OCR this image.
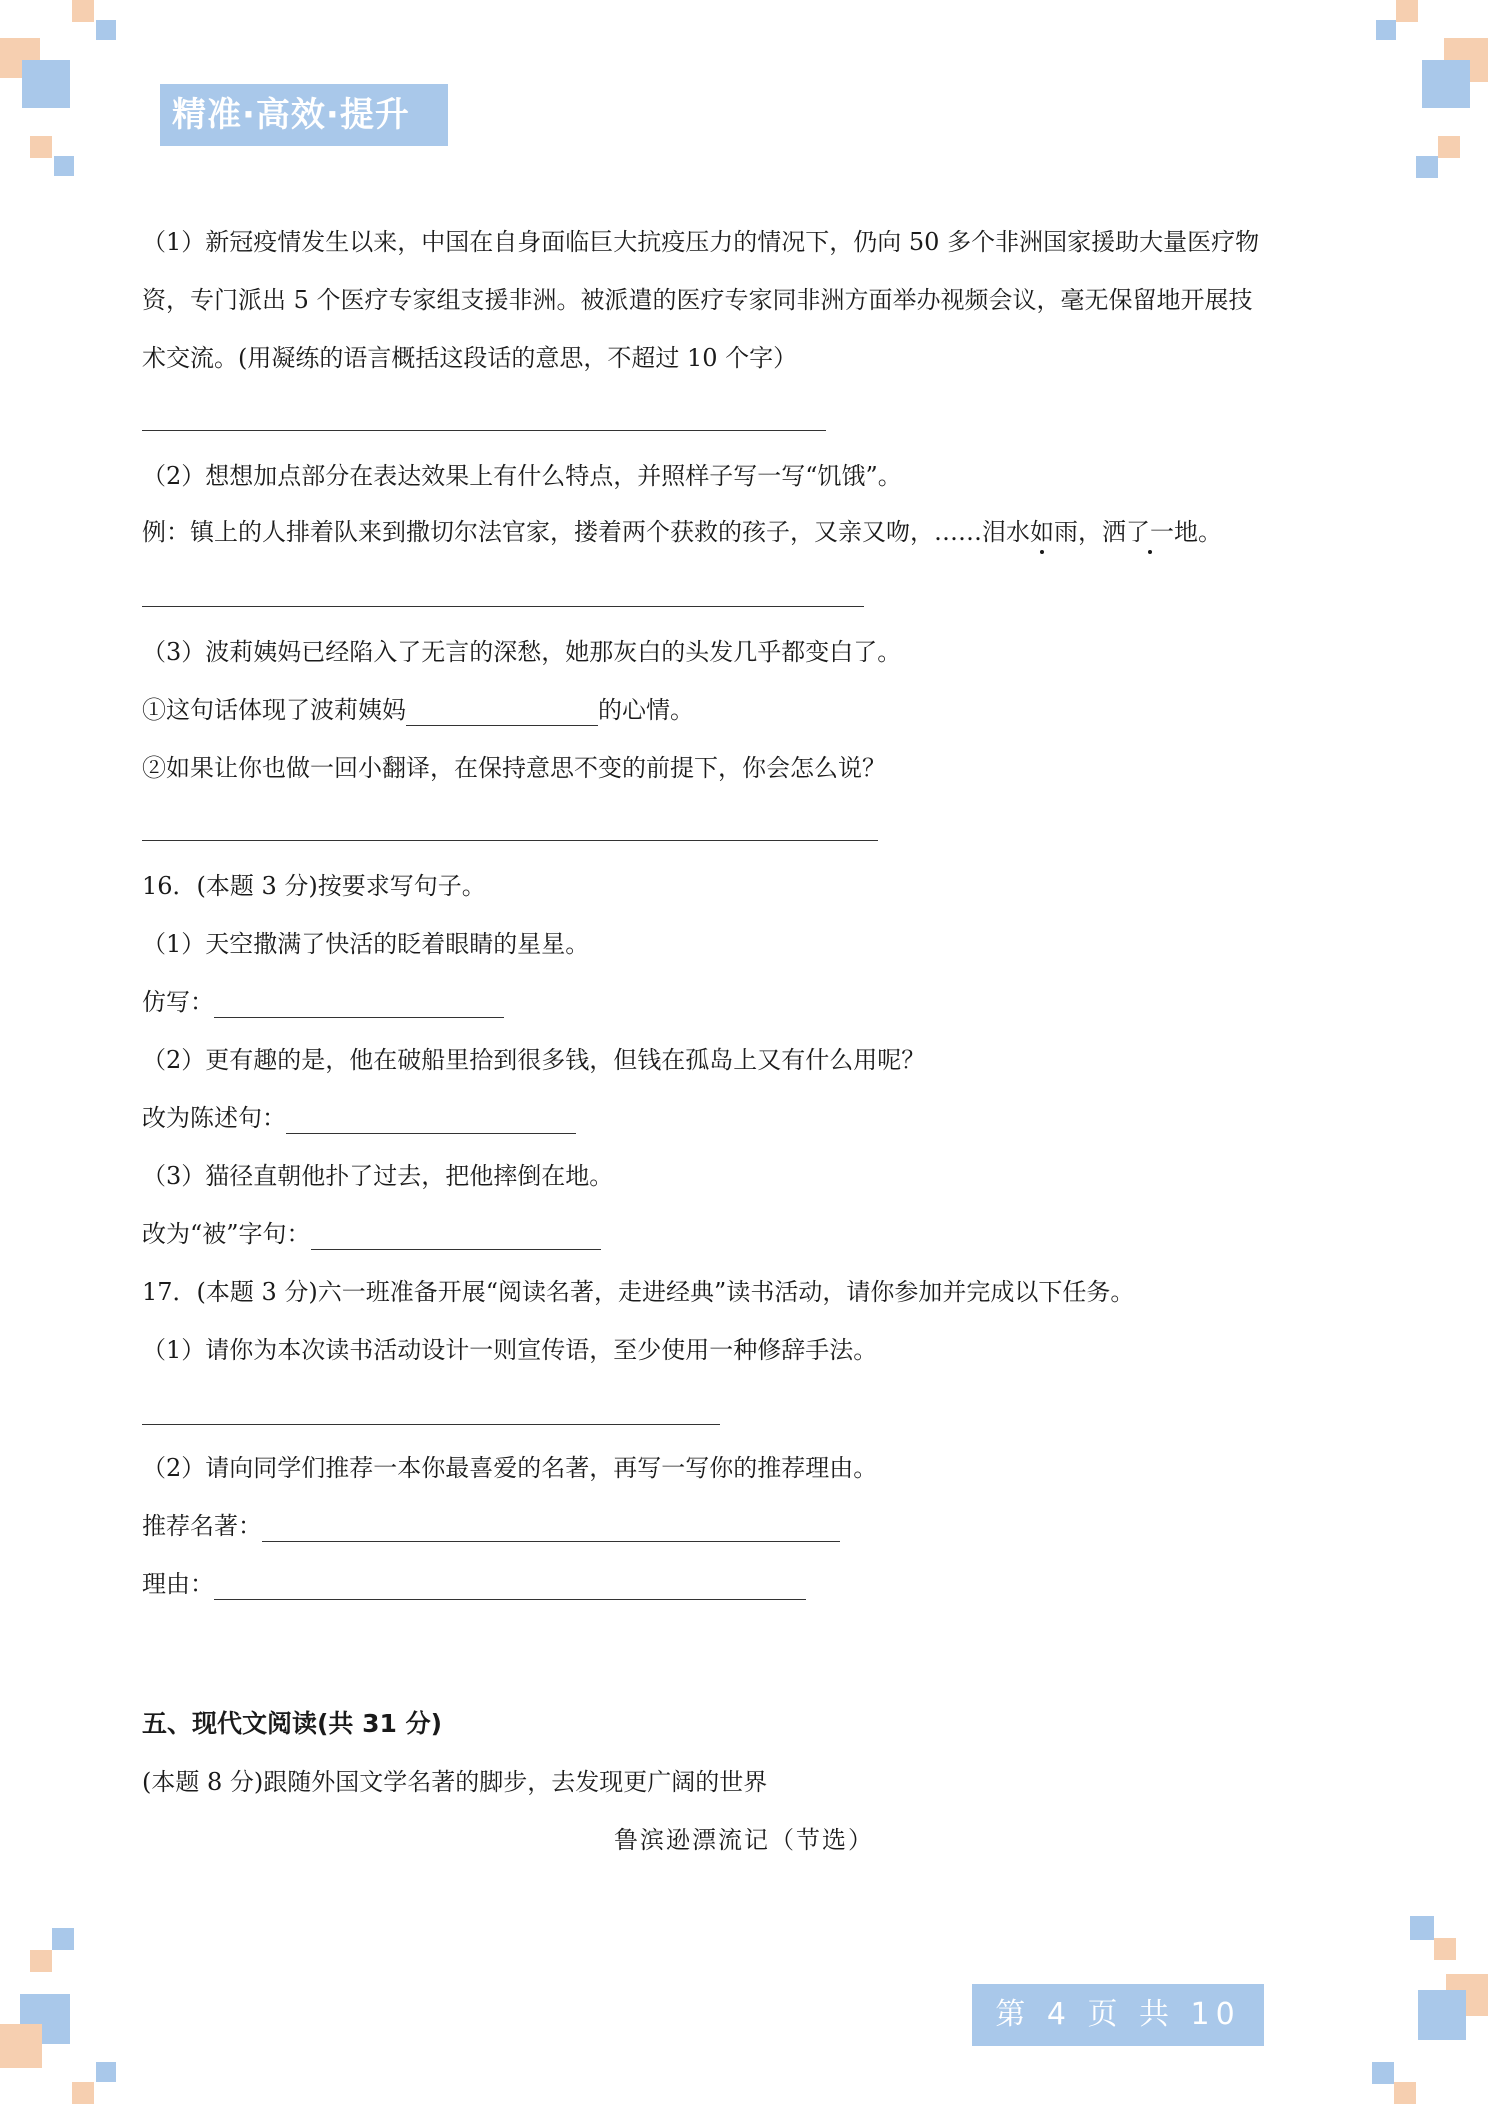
精准·高效·提升
（1）新冠疫情发生以来，中国在自身面临巨大抗疫压力的情况下，仍向 50 多个非洲国家援助大量医疗物
资，专门派出 5 个医疗专家组支援非洲。被派遣的医疗专家同非洲方面举办视频会议，毫无保留地开展技
术交流。(用凝练的语言概括这段话的意思，不超过 10 个字）
（2）想想加点部分在表达效果上有什么特点，并照样子写一写“饥饿”。
例：镇上的人排着队来到撒切尔法官家，搂着两个获救的孩子，又亲又吻，……泪水如雨，洒了一地。
（3）波莉姨妈已经陷入了无言的深愁，她那灰白的头发几乎都变白了。
①这句话体现了波莉姨妈	的心情。
②如果让你也做一回小翻译，在保持意思不变的前提下，你会怎么说？
16．(本题 3 分)按要求写句子。
（1）天空撒满了快活的眨着眼睛的星星。
仿写：
（2）更有趣的是，他在破船里拾到很多钱，但钱在孤岛上又有什么用呢？
改为陈述句：
（3）猫径直朝他扑了过去，把他摔倒在地。
改为“被”字句：
17．(本题 3 分)六一班准备开展“阅读名著，走进经典”读书活动，请你参加并完成以下任务。
（1）请你为本次读书活动设计一则宣传语，至少使用一种修辞手法。
（2）请向同学们推荐一本你最喜爱的名著，再写一写你的推荐理由。
推荐名著：
理由：
五、现代文阅读(共 31 分)
(本题 8 分)跟随外国文学名著的脚步，去发现更广阔的世界
鲁滨逊漂流记（节选）
第 4 页 共 10 页
